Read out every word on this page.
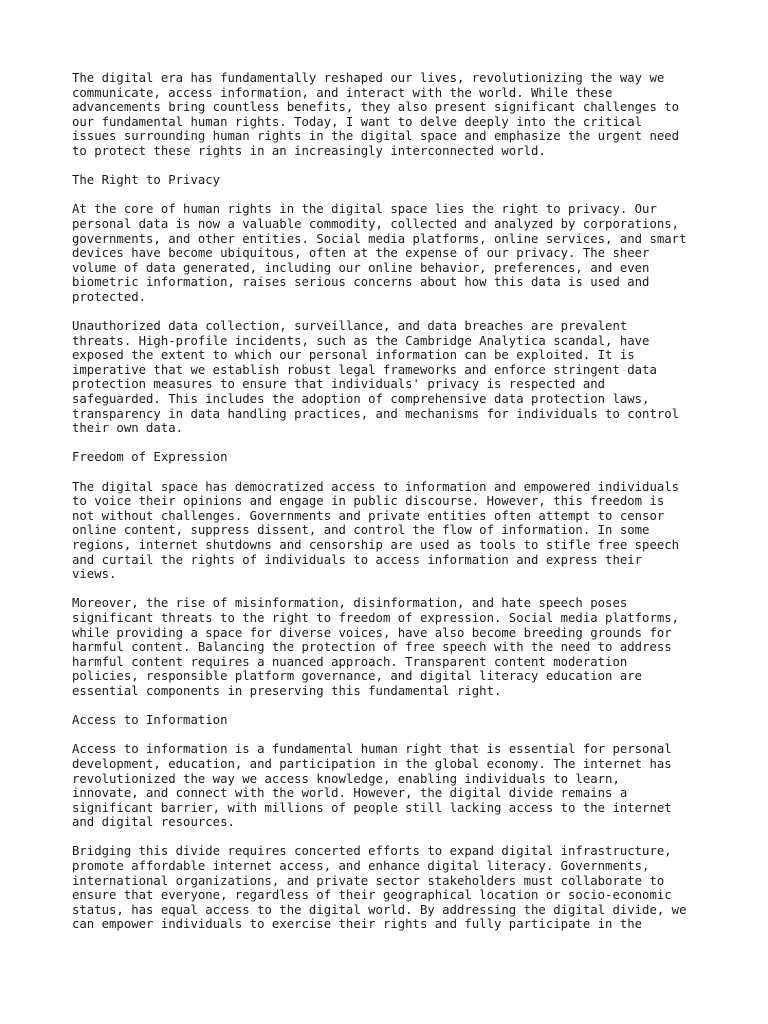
The digital era has fundamentally reshaped our lives, revolutionizing the way we
communicate, access information, and interact with the world. While these
advancements bring countless benefits, they also present significant challenges to
our fundamental human rights. Today, I want to delve deeply into the critical
issues surrounding human rights in the digital space and emphasize the urgent need
to protect these rights in an increasingly interconnected world.

The Right to Privacy

At the core of human rights in the digital space lies the right to privacy. Our
personal data is now a valuable commodity, collected and analyzed by corporations,
governments, and other entities. Social media platforms, online services, and smart
devices have become ubiquitous, often at the expense of our privacy. The sheer
volume of data generated, including our online behavior, preferences, and even
biometric information, raises serious concerns about how this data is used and
protected.

Unauthorized data collection, surveillance, and data breaches are prevalent
threats. High-profile incidents, such as the Cambridge Analytica scandal, have
exposed the extent to which our personal information can be exploited. It is
imperative that we establish robust legal frameworks and enforce stringent data
protection measures to ensure that individuals' privacy is respected and
safeguarded. This includes the adoption of comprehensive data protection laws,
transparency in data handling practices, and mechanisms for individuals to control
their own data.

Freedom of Expression

The digital space has democratized access to information and empowered individuals
to voice their opinions and engage in public discourse. However, this freedom is
not without challenges. Governments and private entities often attempt to censor
online content, suppress dissent, and control the flow of information. In some
regions, internet shutdowns and censorship are used as tools to stifle free speech
and curtail the rights of individuals to access information and express their
views.

Moreover, the rise of misinformation, disinformation, and hate speech poses
significant threats to the right to freedom of expression. Social media platforms,
while providing a space for diverse voices, have also become breeding grounds for
harmful content. Balancing the protection of free speech with the need to address
harmful content requires a nuanced approach. Transparent content moderation
policies, responsible platform governance, and digital literacy education are
essential components in preserving this fundamental right.

Access to Information

Access to information is a fundamental human right that is essential for personal
development, education, and participation in the global economy. The internet has
revolutionized the way we access knowledge, enabling individuals to learn,
innovate, and connect with the world. However, the digital divide remains a
significant barrier, with millions of people still lacking access to the internet
and digital resources.

Bridging this divide requires concerted efforts to expand digital infrastructure,
promote affordable internet access, and enhance digital literacy. Governments,
international organizations, and private sector stakeholders must collaborate to
ensure that everyone, regardless of their geographical location or socio-economic
status, has equal access to the digital world. By addressing the digital divide, we
can empower individuals to exercise their rights and fully participate in the
